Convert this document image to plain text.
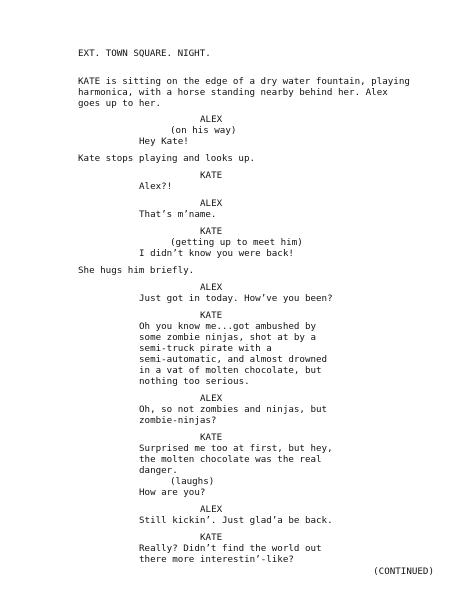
EXT. TOWN SQUARE. NIGHT.
KATE is sitting on the edge of a dry water fountain, playing
harmonica, with a horse standing nearby behind her. Alex
goes up to her.
ALEX
(on his way)
Hey Kate!
Kate stops playing and looks up.
KATE
Alex?!
ALEX
That’s m’name.
KATE
(getting up to meet him)
I didn’t know you were back!
She hugs him briefly.
ALEX
Just got in today. How’ve you been?
KATE
Oh you know me...got ambushed by
some zombie ninjas, shot at by a
semi-truck pirate with a
semi-automatic, and almost drowned
in a vat of molten chocolate, but
nothing too serious.
ALEX
Oh, so not zombies and ninjas, but
zombie-ninjas?
KATE
Surprised me too at first, but hey,
the molten chocolate was the real
danger.
(laughs)
How are you?
ALEX
Still kickin’. Just glad’a be back.
KATE
Really? Didn’t find the world out
there more interestin’-like?
(CONTINUED)
